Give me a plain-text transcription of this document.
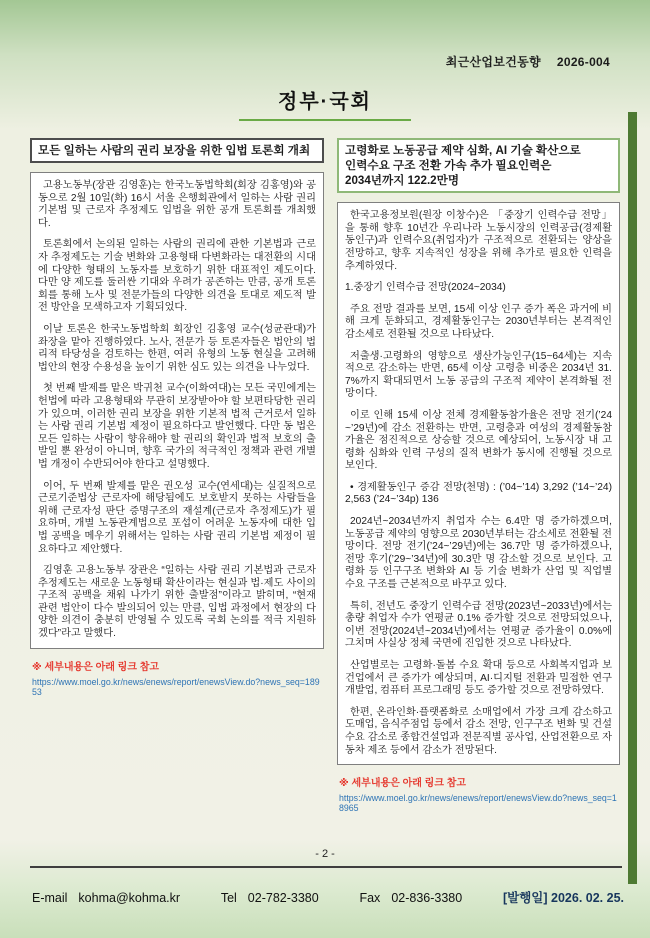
최근산업보건동향 2026-004
정부·국회
모든 일하는 사람의 권리 보장을 위한 입법 토론회 개최

고용노동부(장관 김영훈)는 한국노동법학회(회장 김홍영)와 공동으로 2월 10일(화) 16시 서울 은행회관에서 일하는 사람 권리 기본법 및 근로자 추정제도 입법을 위한 공개 토론회를 개최했다.

토론회에서 논의된 일하는 사람의 권리에 관한 기본법과 근로자 추정제도는 기술 변화와 고용형태 다변화라는 대전환의 시대에 다양한 형태의 노동자를 보호하기 위한 대표적인 제도이다. 다만 양 제도를 둘러싼 기대와 우려가 공존하는 만큼, 공개 토론회를 통해 노사 및 전문가들의 다양한 의견을 토대로 제도적 발전 방안을 모색하고자 기획되었다.

이날 토론은 한국노동법학회 회장인 김홍영 교수(성균관대)가 좌장을 맡아 진행하였다. 노사, 전문가 등 토론자들은 법안의 법리적 타당성을 검토하는 한편, 여러 유형의 노동 현실을 고려해 법안의 현장 수용성을 높이기 위한 심도 있는 의견을 나누었다.

첫 번째 발제를 맡은 박귀천 교수(이화여대)는 모든 국민에게는 헌법에 따라 고용형태와 무관히 보장받아야 할 보편타당한 권리가 있으며, 이러한 권리 보장을 위한 기본적 법적 근거로서 일하는 사람 권리 기본법 제정이 필요하다고 발언했다. 다만 동 법은 모든 일하는 사람이 향유해야 할 권리의 확인과 법적 보호의 출발일 뿐 완성이 아니며, 향후 국가의 적극적인 정책과 관련 개별법 개정이 수반되어야 한다고 설명했다.

이어, 두 번째 발제를 맡은 권오성 교수(연세대)는 실질적으로 근로기준법상 근로자에 해당됨에도 보호받지 못하는 사람들을 위해 근로자성 판단 증명구조의 재설계(근로자 추정제도)가 필요하며, 개별 노동관계법으로 포섭이 어려운 노동자에 대한 입법 공백을 메우기 위해서는 일하는 사람 권리 기본법 제정이 필요하다고 제안했다.

김영훈 고용노동부 장관은 “일하는 사람 권리 기본법과 근로자 추정제도는 새로운 노동형태 확산이라는 현실과 법·제도 사이의 구조적 공백을 채워 나가기 위한 출발점”이라고 밝히며, “현재 관련 법안이 다수 발의되어 있는 만큼, 입법 과정에서 현장의 다양한 의견이 충분히 반영될 수 있도록 국회 논의를 적극 지원하겠다”라고 말했다.

※ 세부내용은 아래 링크 참고
https://www.moel.go.kr/news/enews/report/enewsView.do?news_seq=18953
고령화로 노동공급 제약 심화, AI 기술 확산으로 인력수요 구조 전환 가속 추가 필요인력은 2034년까지 122.2만명

한국고용정보원(원장 이창수)은 「중장기 인력수급 전망」을 통해 향후 10년간 우리나라 노동시장의 인력공급(경제활동인구)과 인력수요(취업자)가 구조적으로 전환되는 양상을 전망하고, 향후 지속적인 성장을 위해 추가로 필요한 인력을 추계하였다.

1.중장기 인력수급 전망(2024~2034)

주요 전망 결과를 보면, 15세 이상 인구 증가 폭은 과거에 비해 크게 둔화되고, 경제활동인구는 2030년부터는 본격적인 감소세로 전환될 것으로 나타났다.

저출생·고령화의 영향으로 생산가능인구(15~64세)는 지속적으로 감소하는 반면, 65세 이상 고령층 비중은 2034년 31.7%까지 확대되면서 노동 공급의 구조적 제약이 본격화될 전망이다.

이로 인해 15세 이상 전체 경제활동참가율은 전망 전기(’24~’29년)에 감소 전환하는 반면, 고령층과 여성의 경제활동참가율은 점진적으로 상승할 것으로 예상되어, 노동시장 내 고령화 심화와 인력 구성의 질적 변화가 동시에 진행될 것으로 보인다.

• 경제활동인구 증감 전망(천명) : (’04~’14) 3,292 (’14~’24) 2,563 (’24~’34p) 136

2024년~2034년까지 취업자 수는 6.4만 명 증가하겠으며, 노동공급 제약의 영향으로 2030년부터는 감소세로 전환될 전망이다. 전망 전기(’24~’29년)에는 36.7만 명 증가하겠으나, 전망 후기(’29~’34년)에 30.3만 명 감소할 것으로 보인다. 고령화 등 인구구조 변화와 AI 등 기술 변화가 산업 및 직업별 수요 구조를 근본적으로 바꾸고 있다.

특히, 전년도 중장기 인력수급 전망(2023년~2033년)에서는 총량 취업자 수가 연평균 0.1% 증가할 것으로 전망되었으나, 이번 전망(2024년~2034년)에서는 연평균 증가율이 0.0%에 그치며 사실상 정체 국면에 진입한 것으로 나타났다.

산업별로는 고령화·돌봄 수요 확대 등으로 사회복지업과 보건업에서 큰 증가가 예상되며, AI·디지털 전환과 밀접한 연구개발업, 컴퓨터 프로그래밍 등도 증가할 것으로 전망하였다.

한편, 온라인화·플랫폼화로 소매업에서 가장 크게 감소하고 도매업, 음식주점업 등에서 감소 전망, 인구구조 변화 및 건설수요 감소로 종합건설업과 전문직별 공사업, 산업전환으로 자동차 제조 등에서 감소가 전망된다.

※ 세부내용은 아래 링크 참고
https://www.moel.go.kr/news/enews/report/enewsView.do?news_seq=18965
- 2 -
E-mail kohma@kohma.kr	Tel 02-782-3380	Fax 02-836-3380	[발행일] 2026. 02. 25.
